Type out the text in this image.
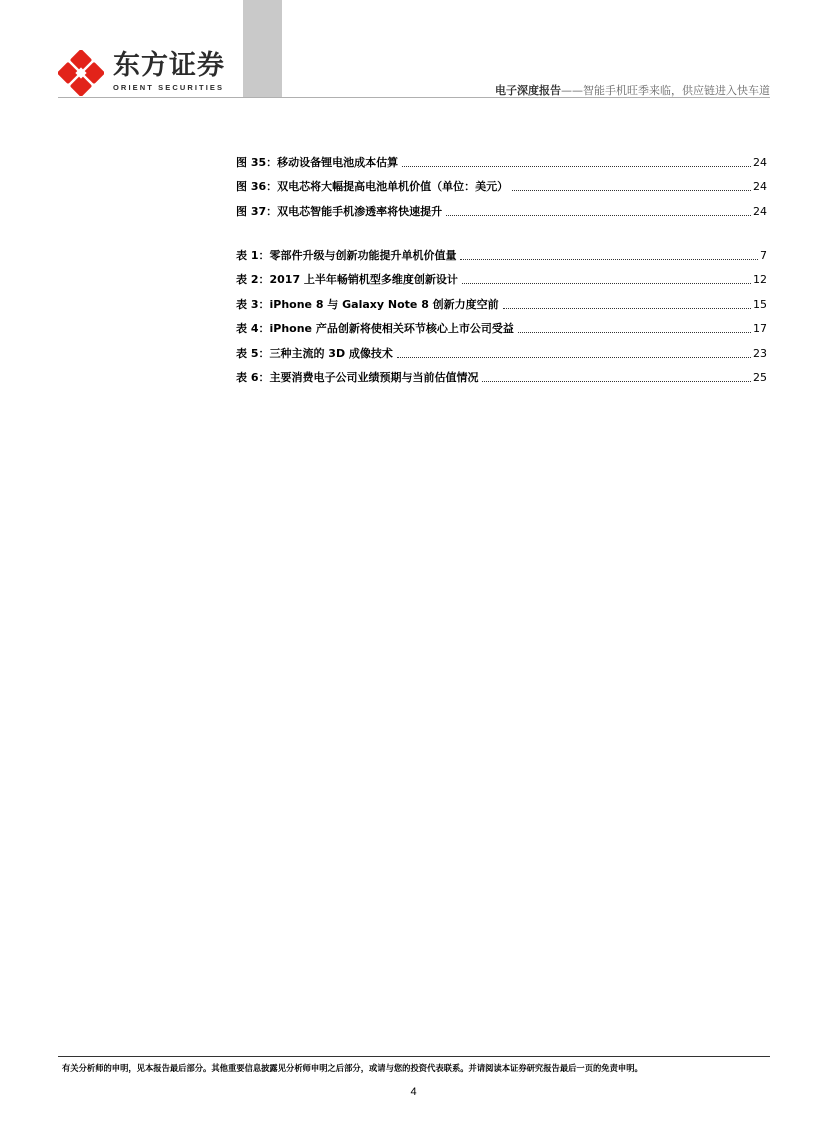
东方证券
ORIENT SECURITIES	电子深度报告——智能手机旺季来临，供应链进入快车道
图 35：移动设备锂电池成本估算	24
图 36：双电芯将大幅提高电池单机价值（单位：美元）	24
图 37：双电芯智能手机渗透率将快速提升	24
表 1：零部件升级与创新功能提升单机价值量	7
表 2：2017 上半年畅销机型多维度创新设计	12
表 3：iPhone 8 与 Galaxy Note 8 创新力度空前	15
表 4：iPhone 产品创新将使相关环节核心上市公司受益	17
表 5：三种主流的 3D 成像技术	23
表 6：主要消费电子公司业绩预期与当前估值情况	25
有关分析师的申明，见本报告最后部分。其他重要信息披露见分析师申明之后部分，或请与您的投资代表联系。并请阅读本证券研究报告最后一页的免责申明。
4
